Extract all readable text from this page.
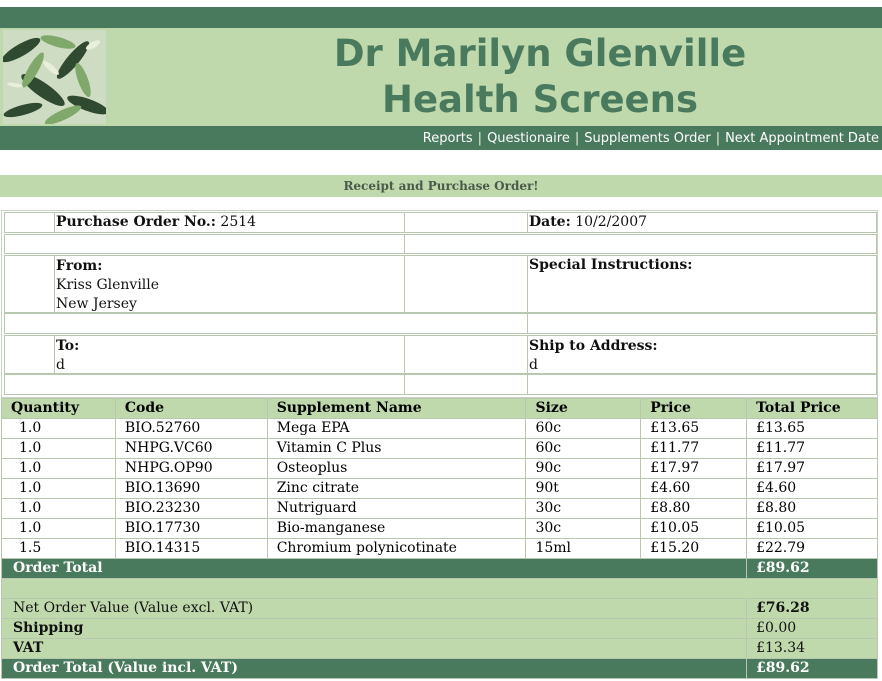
Dr Marilyn Glenville
Health Screens
Reports | Questionaire | Supplements Order | Next Appointment Date
Receipt and Purchase Order!
Purchase Order No.: 2514	Date: 10/2/2007
From:
Kriss Glenville
New Jersey
Special Instructions:
To:
d
Ship to Address:
d
Quantity	Code	Supplement Name	Size	Price	Total Price
1.0	BIO.52760	Mega EPA	60c	£13.65	£13.65
1.0	NHPG.VC60	Vitamin C Plus	60c	£11.77	£11.77
1.0	NHPG.OP90	Osteoplus	90c	£17.97	£17.97
1.0	BIO.13690	Zinc citrate	90t	£4.60	£4.60
1.0	BIO.23230	Nutriguard	30c	£8.80	£8.80
1.0	BIO.17730	Bio-manganese	30c	£10.05	£10.05
1.5	BIO.14315	Chromium polynicotinate	15ml	£15.20	£22.79
Order Total					£89.62

Net Order Value (Value excl. VAT)					£76.28
Shipping					£0.00
VAT					£13.34
Order Total (Value incl. VAT)					£89.62
